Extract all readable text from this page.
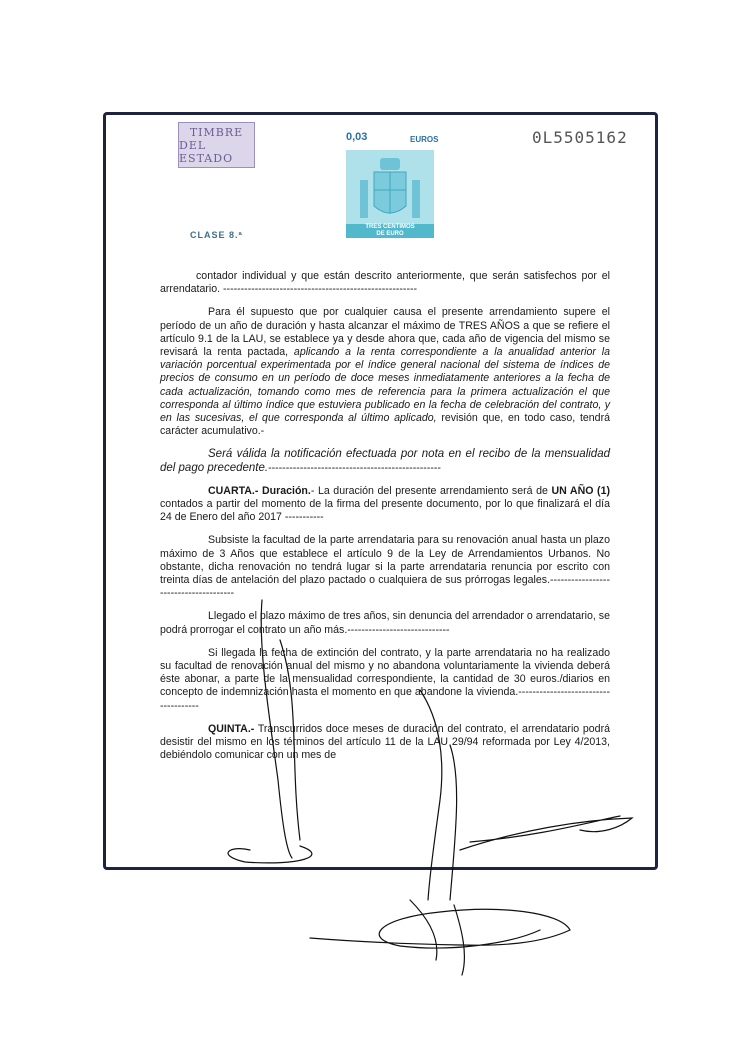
TIMBRE
DEL ESTADO
0,03	EUROS	0L5505162
TRES CENTIMOS
DE EURO
CLASE 8.ª

contador individual y que están descrito anteriormente, que serán satisfechos por el arrendatario. -------------------------------------------------------

Para él supuesto que por cualquier causa el presente arrendamiento supere el período de un año de duración y hasta alcanzar el máximo de TRES AÑOS a que se refiere el artículo 9.1 de la LAU, se establece ya y desde ahora que, cada año de vigencia del mismo se revisará la renta pactada, aplicando a la renta correspondiente a la anualidad anterior la variación porcentual experimentada por el índice general nacional del sistema de índices de precios de consumo en un período de doce meses inmediatamente anteriores a la fecha de cada actualización, tomando como mes de referencia para la primera actualización el que corresponda al último índice que estuviera publicado en la fecha de celebración del contrato, y en las sucesivas, el que corresponda al último aplicado, revisión que, en todo caso, tendrá carácter acumulativo.-

Será válida la notificación efectuada por nota en el recibo de la mensualidad del pago precedente.-------------------------------------------------

CUARTA.- Duración.- La duración del presente arrendamiento será de UN AÑO (1) contados a partir del momento de la firma del presente documento, por lo que finalizará el día 24 de Enero del año 2017 -----------

Subsiste la facultad de la parte arrendataria para su renovación anual hasta un plazo máximo de 3 Años que establece el artículo 9 de la Ley de Arrendamientos Urbanos. No obstante, dicha renovación no tendrá lugar si la parte arrendataria renuncia por escrito con treinta días de antelación del plazo pactado o cualquiera de sus prórrogas legales.--------------------------------------

Llegado el plazo máximo de tres años, sin denuncia del arrendador o arrendatario, se podrá prorrogar el contrato un año más.-----------------------------

Si llegada la fecha de extinción del contrato, y la parte arrendataria no ha realizado su facultad de renovación anual del mismo y no abandona voluntariamente la vivienda deberá éste abonar, a parte de la mensualidad correspondiente, la cantidad de 30 euros./diarios en concepto de indemnización hasta el momento en que abandone la vivienda.-------------------------------------

QUINTA.- Transcurridos doce meses de duración del contrato, el arrendatario podrá desistir del mismo en los términos del artículo 11 de la LAU 29/94 reformada por Ley 4/2013, debiéndolo comunicar con un mes de
